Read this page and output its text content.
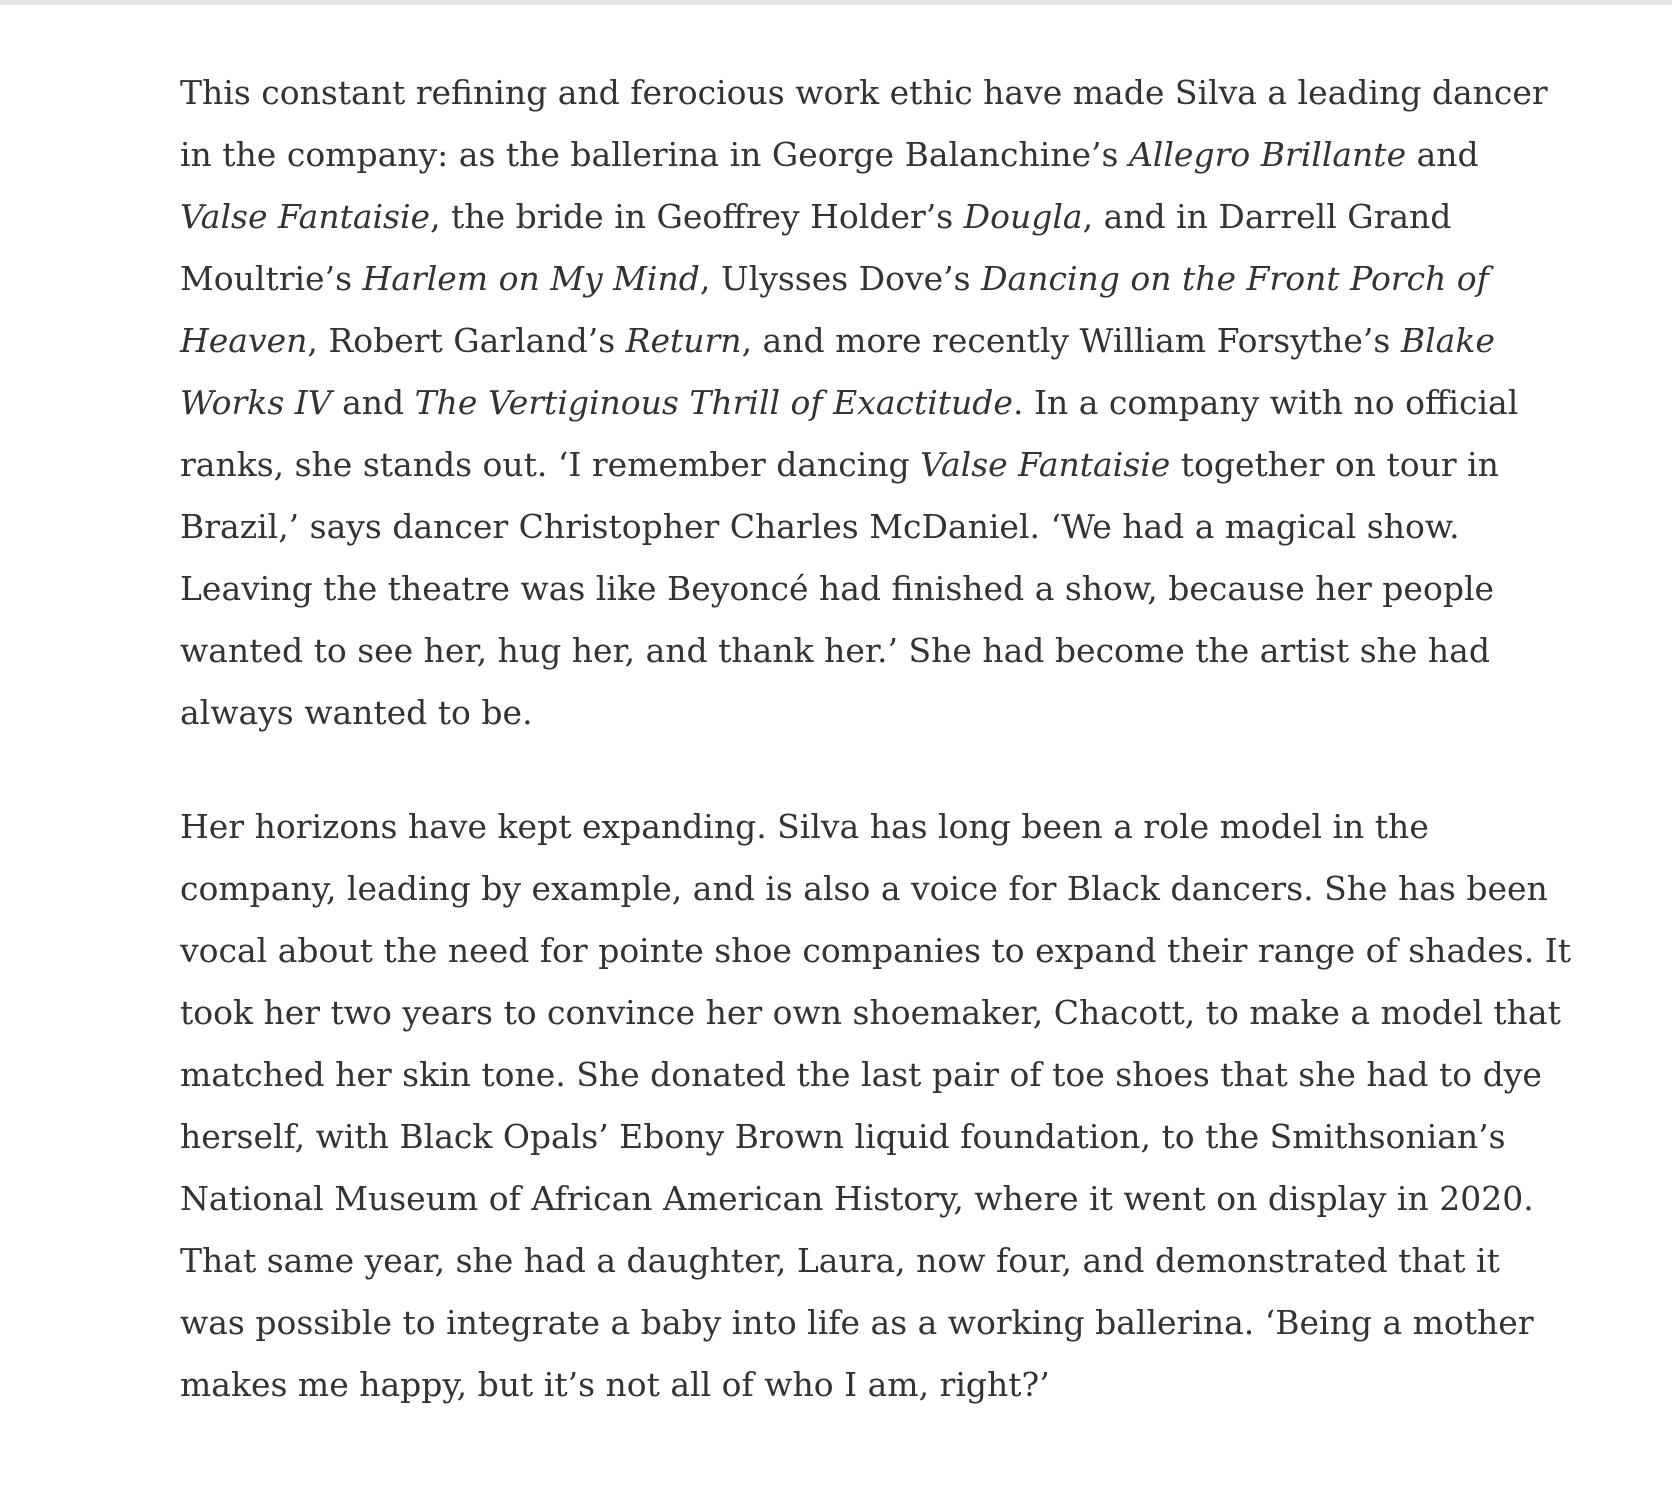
This constant refining and ferocious work ethic have made Silva a leading dancer
in the company: as the ballerina in George Balanchine’s Allegro Brillante and
Valse Fantaisie, the bride in Geoffrey Holder’s Dougla, and in Darrell Grand
Moultrie’s Harlem on My Mind, Ulysses Dove’s Dancing on the Front Porch of
Heaven, Robert Garland’s Return, and more recently William Forsythe’s Blake
Works IV and The Vertiginous Thrill of Exactitude. In a company with no official
ranks, she stands out. ‘I remember dancing Valse Fantaisie together on tour in
Brazil,’ says dancer Christopher Charles McDaniel. ‘We had a magical show.
Leaving the theatre was like Beyoncé had finished a show, because her people
wanted to see her, hug her, and thank her.’ She had become the artist she had
always wanted to be.

Her horizons have kept expanding. Silva has long been a role model in the
company, leading by example, and is also a voice for Black dancers. She has been
vocal about the need for pointe shoe companies to expand their range of shades. It
took her two years to convince her own shoemaker, Chacott, to make a model that
matched her skin tone. She donated the last pair of toe shoes that she had to dye
herself, with Black Opals’ Ebony Brown liquid foundation, to the Smithsonian’s
National Museum of African American History, where it went on display in 2020.
That same year, she had a daughter, Laura, now four, and demonstrated that it
was possible to integrate a baby into life as a working ballerina. ‘Being a mother
makes me happy, but it’s not all of who I am, right?’
